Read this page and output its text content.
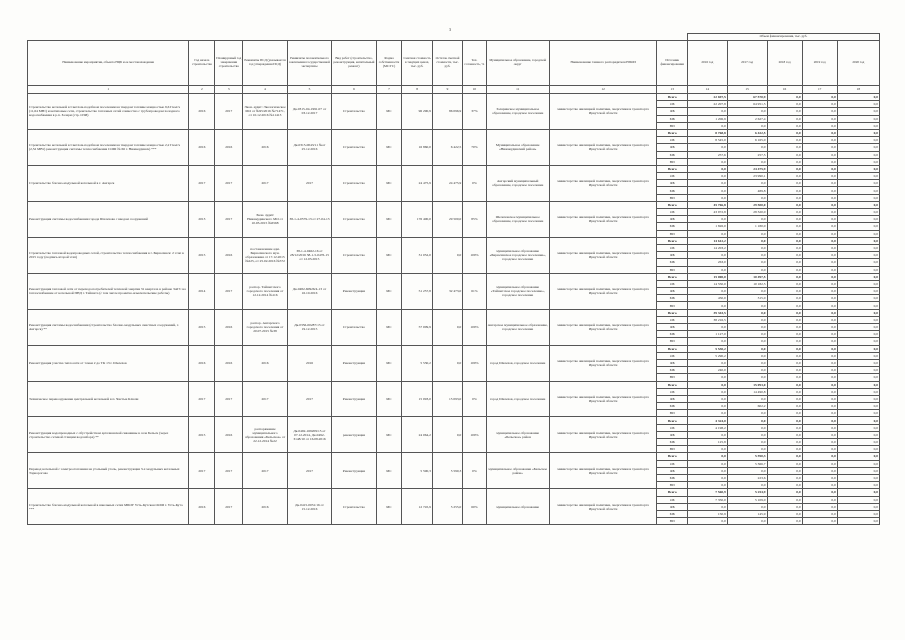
3
													Объем финансирования, тыс. руб.				
Наименование мероприятия, объекта НЦБ и ее местонахождение	Год начала строительства	Планируемый год завершения строительства	Реквизиты ПСД (указывается год утверждения ПСД)	Реквизиты положительного заключения государственной экспертизы	Вид работ (строительство, реконструкция, капитальный ремонт)	Форма собственности (МС/ГС)	Сметная стоимость в текущих ценах, тыс. руб.	Остаток сметной стоимости, тыс. руб.	Тех. готовность, %	Муниципальное образование, городской округ	Наименование главного распорядителя НПОИ	Источник финансирования	2016 год	2017 год	2018 год	2019 год	2020 год
1	2	3	4	5	6	7	8	9	10	11	12	13	14	15	16	17	18
Строительство котельной в Светлом-подобном поселении на твердом топливе мощностью 9,6 Гкал/ч (11,64 МВт) и нетиповые сети, строительство тепловых сетей совместно с трубопроводом холодного водоснабжения в р.п. Залари (стр. ОЗИ)	2016	2017	Экон. аудит: Экологическое МО от №95/2016 №71471, от 10.12.2016 №11413	Дк.0315-04-1991.07 от 03.12.2017	Строительство	МС	96 290,9	86 096,9	37%	Заларинское муниципальное образование, городское поселение	министерство жилищной политики, энергетики и транспорта Иркутской области	Всего	22 697,5	67 570,9	0,0	0,0	0,0
												ОБ	22 207,8	64 951,5	0,0	0,0	0,0
												ФБ	0,0	0,0	0,0	0,0	0,0
												МБ	1 206,9	2 627,4	0,0	0,0	0,0
												ВИ	0,0	0,0	0,0	0,0	0,0
Строительство котельной в Светлом-подобном поселении на твердом топливе мощностью 2,2 Гкал/ч (2,52 МВт) реконструкция системы теплоснабжения СОШ № 66 г. Нижнеудинск) ***	2016	2016	2016	Дк.0315-0043/11 №от 25.12.2016	Строительство	МС	16 860,0	6 422,5	70%	Муниципальное образование «Нижнеудинский район»	министерство жилищной политики, энергетики и транспорта Иркутской области	Всего	8 768,8	6 422,5	0,0	0,0	0,0
												ОБ	8 545,0	6 165,0	0,0	0,0	0,0
												ФБ	0,0	0,0	0,0	0,0	0,0
												МБ	257,6	257,5	0,0	0,0	0,0
												ВИ	0,0	0,0	0,0	0,0	0,0
Строительство блочно-модульной котельной в г. Ангарск	2017	2017	2017	2017	Строительство	МС	24 475,9	24 475,9	0%	Ангарский муниципальный образование, городское поселение	министерство жилищной политики, энергетики и транспорта Иркутской области	Всего	0,0	24 475,9	0,0	0,0	0,0
												ОБ	0,0	23 990,1	0,0	0,0	0,0
												ФБ	0,0	0,0	0,0	0,0	0,0
												МБ	0,0	489,8	0,0	0,0	0,0
												ВИ	0,0	0,0	0,0	0,0	0,0
Реконструкция системы водоснабжения города Шелехова с вводом сооружений	2013	2017	Экон. аудит: Нижнеудинского МО от 10.03.2015 №6568	38-1-4-0579-13 от 27-04-13	Строительство	МС	176 400,0	29 500,0	85%	Шелеховское муниципальное образование, городское поселение	министерство жилищной политики, энергетики и транспорта Иркутской области	Всего	45 766,8	29 500,0	0,0	0,0	0,0
												ОБ	43 972,8	28 320,0	0,0	0,0	0,0
												ФБ	0,0	0,0	0,0	0,0	0,0
												МБ	1 826,0	1 180,0	0,0	0,0	0,0
												ВИ	0,0	0,0	0,0	0,0	0,0
Строительство тепловой водопроводных сетей, строительство теплоснабжения в г. Бирюсинск: 2 этап в 2015 году (подпись второй этап)	2015	2016	постановление адм. Бирюсинского мун. образования от 17.12.2015 №225, от 25.02.2016 №572	38-1-4-0462-16 от 28/12/2016 38-1-5-0476-15 от 12.03.2015	Строительство	МС	31 052,0	0,0	100%	муниципальное образование «Бирюсинское городское поселение», городское поселение	министерство жилищной политики, энергетики и транспорта Иркутской области	Всего	14 612,2	0,0	0,0	0,0	0,0
												ОБ	14 203,2	0,0	0,0	0,0	0,0
												ФБ	0,0	0,0	0,0	0,0	0,0
												МБ	263,0	0,0	0,0	0,0	0,0
												ВИ	0,0	0,0	0,0	0,0	0,0
Реконструкция тепловой сети от перехода потребителей тепловой энергии 31 квартала в районе ЗАГС на теплоснабжение от котельной ПНД г. Тайшета (с тем числе проектно-изыскательские работы)	2014	2017	распор. Тайшетского городского поселения от 12.12.2014 №116	Дк.0482-60926/4-13 от 16.10.2016	Реконструкция	МС	51 257,8	32 473,0	61%	муниципальное образование «Тайшетское городское поселение», городское поселение	министерство жилищной политики, энергетики и транспорта Иркутской области	Всего	15 000,0	10 497,5	0,0	0,0	0,0
												ОБ	14 550,0	10 182,5	0,0	0,0	0,0
												ФБ	0,0	0,0	0,0	0,0	0,0
												МБ	450,0	315,0	0,0	0,0	0,0
												ВИ	0,0	0,0	0,0	0,0	0,0
Реконструкция системы водоснабжения (строительство блочно-модульных очистных сооружений, г. Ангарск) **	2015	2016	распор. Ангарского городского поселения от 20.07.2015 №38	Дк.0356-00287/15 от 19.12.2015	Строительство	МС	57 009,9	0,0	100%	Ангарское муниципальное образование, городское поселение	министерство жилищной политики, энергетики и транспорта Иркутской области	Всего	39 343,5	0,0	0,0	0,0	0,0
												ОБ	38 216,5	0,0	0,0	0,0	0,0
												ФБ	0,0	0,0	0,0	0,0	0,0
												МБ	1 127,0	0,0	0,0	0,0	0,0
												ВИ	0,0	0,0	0,0	0,0	0,0
Реконструкция участка теплосети от точки 2 до ТК 13 г. Шелехов	2016	2016	2016	2016	Реконструкция	МС	5 530,2	0,0	100%	город Шелехов, городское поселение	министерство жилищной политики, энергетики и транспорта Иркутской области	Всего	5 530,2	0,0	0,0	0,0	0,0
												ОБ	5 290,2	0,0	0,0	0,0	0,0
												ФБ	0,0	0,0	0,0	0,0	0,0
												МБ	240,0	0,0	0,0	0,0	0,0
												ВИ	0,0	0,0	0,0	0,0	0,0
Техническое перевооружение центральной котельной в п. Чистые Ключи	2017	2017	2017	2017	Реконструкция	МС	15 093,0	15 093,0	0%	город Шелехов, городское поселение	министерство жилищной политики, энергетики и транспорта Иркутской области	Всего	0,0	15 093,0	0,0	0,0	0,0
												ОБ	0,0	14 490,8	0,0	0,0	0,0
												ФБ	0,0	0,0	0,0	0,0	0,0
												МБ	0,0	602,2	0,0	0,0	0,0
												ВИ	0,0	0,0	0,0	0,0	0,0
Реконструкция водопроводных с обустройством артезианской скважины в селе Бельск (через строительство сетевой станции водозабора) **	2015	2016	распоряжение муниципального образования «Бельское» от 22.12.2014 №22	Дк.0492-169209/15 от 07.12.2014, Дк.0492-3148/10 от 16.08.2016	реконструкция	МС	24 064,2	0,0	100%	муниципальное образование «Бельское» район	министерство жилищной политики, энергетики и транспорта Иркутской области	Всего	4 324,0	0,0	0,0	0,0	0,0
												ОБ	4 198,2	0,0	0,0	0,0	0,0
												ФБ	0,0	0,0	0,0	0,0	0,0
												МБ	125,8	0,0	0,0	0,0	0,0
												ВИ	0,0	0,0	0,0	0,0	0,0
Перевод котельной с электроотопления на угольный уголь, реконструкция 3-х модульных котельных Тарнорогово	2017	2017	2017	2017	Реконструкция	МС	5 590,3	5 590,3	0%	муниципальное образование «Бельское район»	министерство жилищной политики, энергетики и транспорта Иркутской области	Всего	0,0	5 590,3	0,0	0,0	0,0
												ОБ	0,0	5 366,7	0,0	0,0	0,0
												ФБ	0,0	0,0	0,0	0,0	0,0
												МБ	0,0	223,6	0,0	0,0	0,0
												ВИ	0,0	0,0	0,0	0,0	0,0
Строительство блочно-модульной котельной в школьных сетях МБОУ Усть-Кутская ООШ г. Усть-Кута ***	2016	2017	2016	Дк.0415-0031/16 от 15.12.2016	Строительство	МС	12 745,9	5 255,0	60%	муниципальное образование	министерство жилищной политики, энергетики и транспорта Иркутской области	Всего	7 560,9	5 254,9	0,0	0,0	0,0
												ОБ	7 350,0	5 109,0	0,0	0,0	0,0
												ФБ	0,0	0,0	0,0	0,0	0,0
												МБ	150,9	145,9	0,0	0,0	0,0
												ВИ	0,0	0,0	0,0	0,0	0,0
